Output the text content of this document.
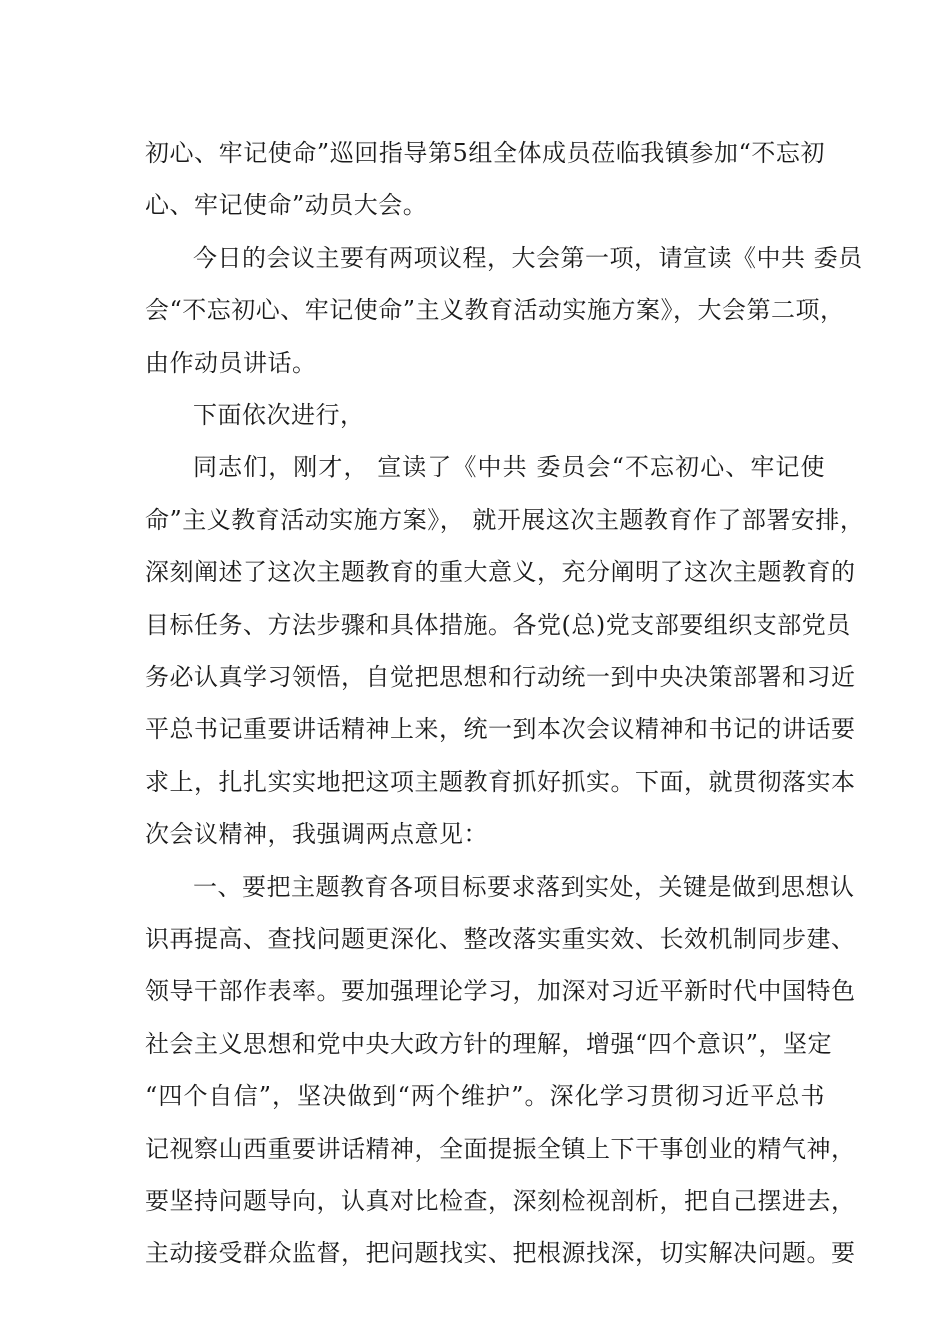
初心、牢记使命”巡回指导第5组全体成员莅临我镇参加“不忘初
心、牢记使命”动员大会。
今日的会议主要有两项议程，大会第一项，请宣读《中共 委员
会“不忘初心、牢记使命”主义教育活动实施方案》，大会第二项，
由作动员讲话。
下面依次进行，
同志们，刚才， 宣读了《中共 委员会“不忘初心、牢记使
命”主义教育活动实施方案》， 就开展这次主题教育作了部署安排，
深刻阐述了这次主题教育的重大意义，充分阐明了这次主题教育的
目标任务、方法步骤和具体措施。各党(总)党支部要组织支部党员
务必认真学习领悟，自觉把思想和行动统一到中央决策部署和习近
平总书记重要讲话精神上来，统一到本次会议精神和书记的讲话要
求上，扎扎实实地把这项主题教育抓好抓实。下面，就贯彻落实本
次会议精神，我强调两点意见：
一、要把主题教育各项目标要求落到实处，关键是做到思想认
识再提高、查找问题更深化、整改落实重实效、长效机制同步建、
领导干部作表率。要加强理论学习，加深对习近平新时代中国特色
社会主义思想和党中央大政方针的理解，增强“四个意识”，坚定
“四个自信”，坚决做到“两个维护”。深化学习贯彻习近平总书
记视察山西重要讲话精神，全面提振全镇上下干事创业的精气神，
要坚持问题导向，认真对比检查，深刻检视剖析，把自己摆进去，
主动接受群众监督，把问题找实、把根源找深，切实解决问题。要
